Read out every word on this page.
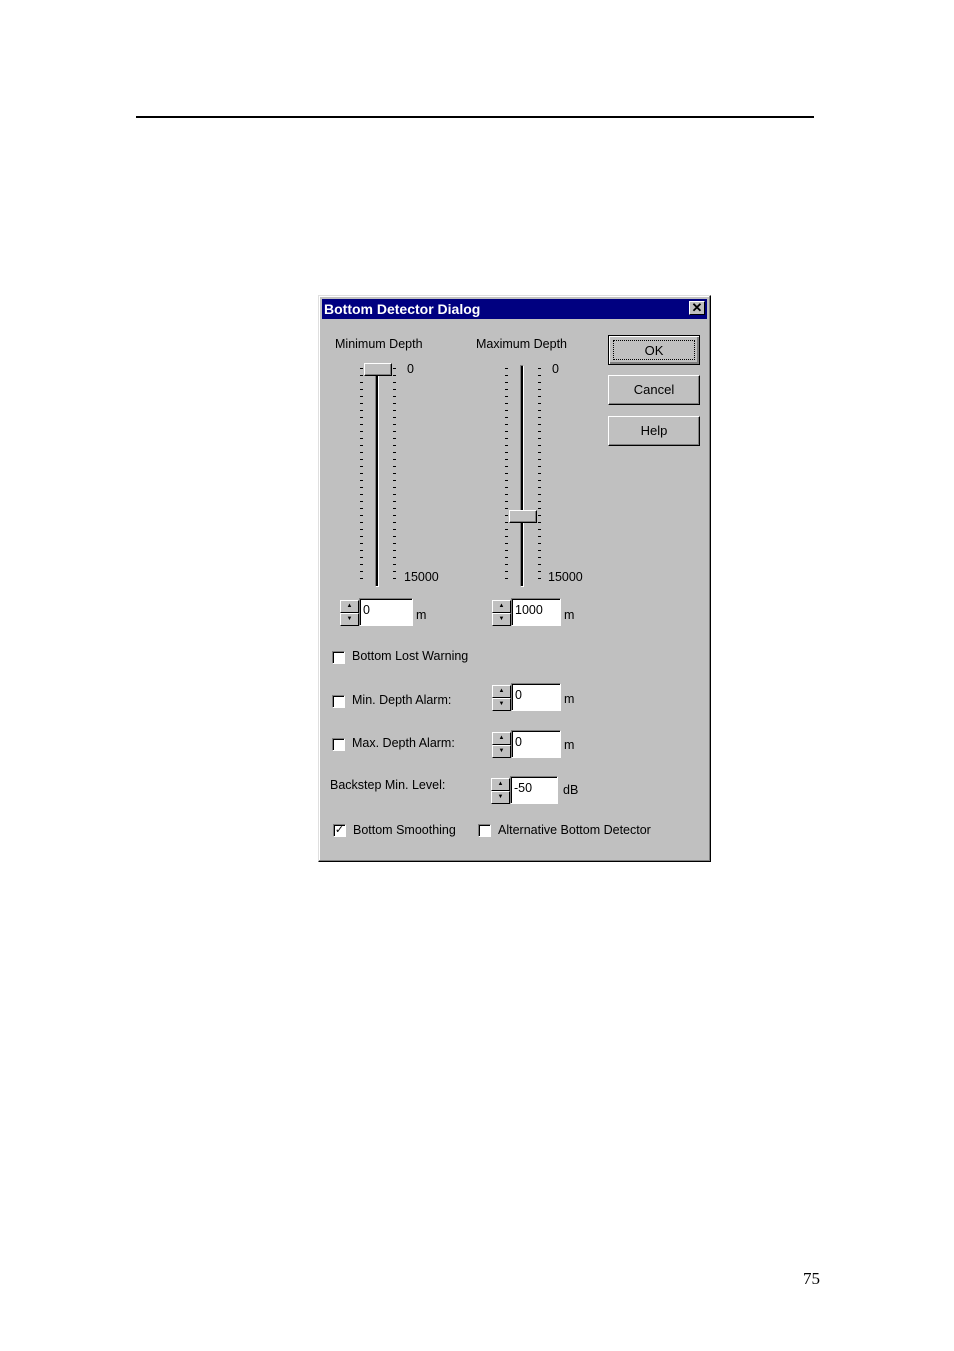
Bottom Detector Dialog	✕
Minimum Depth
0
15000
▲
▼
0	m
Maximum Depth
0
15000
▲
▼
1000	m
OK
Cancel
Help
Bottom Lost Warning
Min. Depth Alarm:
▲
▼
0	m
Max. Depth Alarm:	▲
▼
0	m
Backstep Min. Level:	▲
▼
-50	dB
✓ Bottom Smoothing	Alternative Bottom Detector
75
